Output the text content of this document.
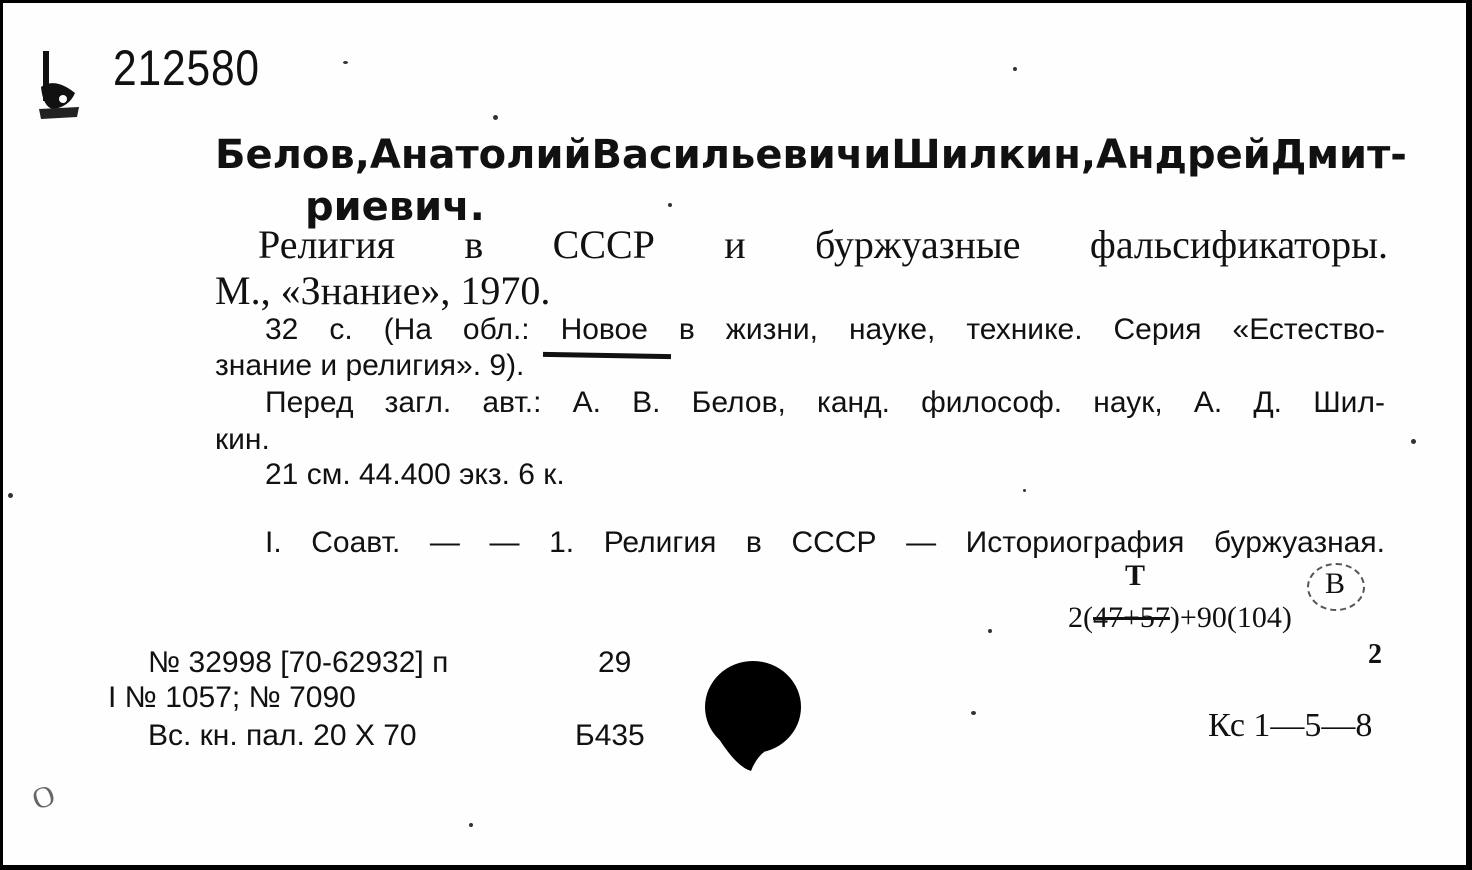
212580
Белов, Анатолий Васильевич и Шилкин, Андрей Дмит-
риевич.
Религия в СССР и буржуазные фальсификаторы.
М., «Знание», 1970.
32 с. (На обл.: Новое в жизни, науке, технике. Серия «Естество-
знание и религия». 9).
Перед загл. авт.: А. В. Белов, канд. философ. наук, А. Д. Шил-
кин.
21 см. 44.400 экз. 6 к.
I. Соавт. — — 1. Религия в СССР — Историография буржуазная.
Т	В
2(47+57)+90(104)
2
№ 32998 [70-62932] п	29
I № 1057; № 7090
Вс. кн. пал. 20 Х 70	Б435	Кс 1—5—8
О
